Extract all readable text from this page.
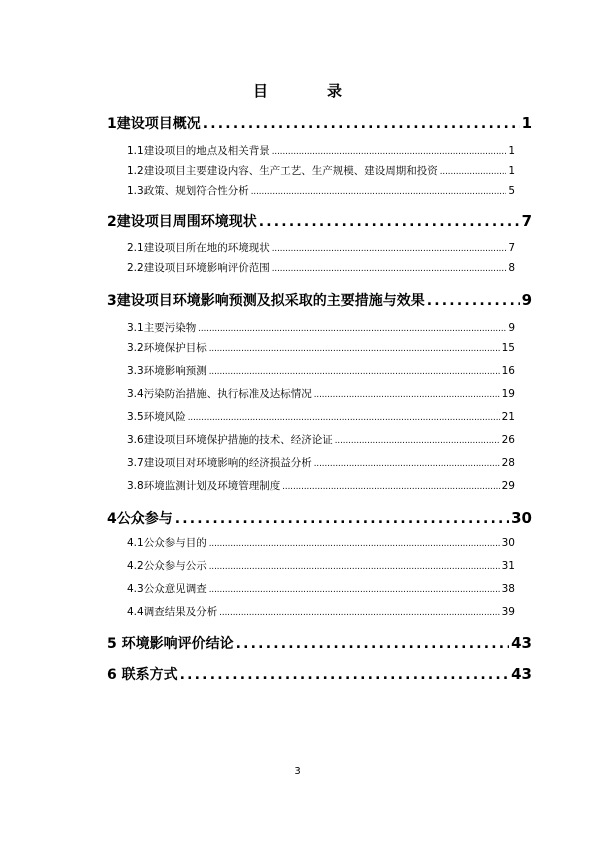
目　录
1建设项目概况 .....	1
1.1建设项目的地点及相关背景 .....	1
1.2建设项目主要建设内容、生产工艺、生产规模、建设周期和投资 .....	1
1.3政策、规划符合性分析 .....	5
2建设项目周围环境现状 .....	7
2.1建设项目所在地的环境现状 .....	7
2.2建设项目环境影响评价范围 .....	8
3建设项目环境影响预测及拟采取的主要措施与效果 .....	9
3.1主要污染物 .....	9
3.2环境保护目标 .....	15
3.3环境影响预测 .....	16
3.4污染防治措施、执行标准及达标情况 .....	19
3.5环境风险 .....	21
3.6建设项目环境保护措施的技术、经济论证 .....	26
3.7建设项目对环境影响的经济损益分析 .....	28
3.8环境监测计划及环境管理制度 .....	29
4公众参与 .....	30
4.1公众参与目的 .....	30
4.2公众参与公示 .....	31
4.3公众意见调查 .....	38
4.4调查结果及分析 .....	39
5 环境影响评价结论 .....	43
6 联系方式 .....	43
3
